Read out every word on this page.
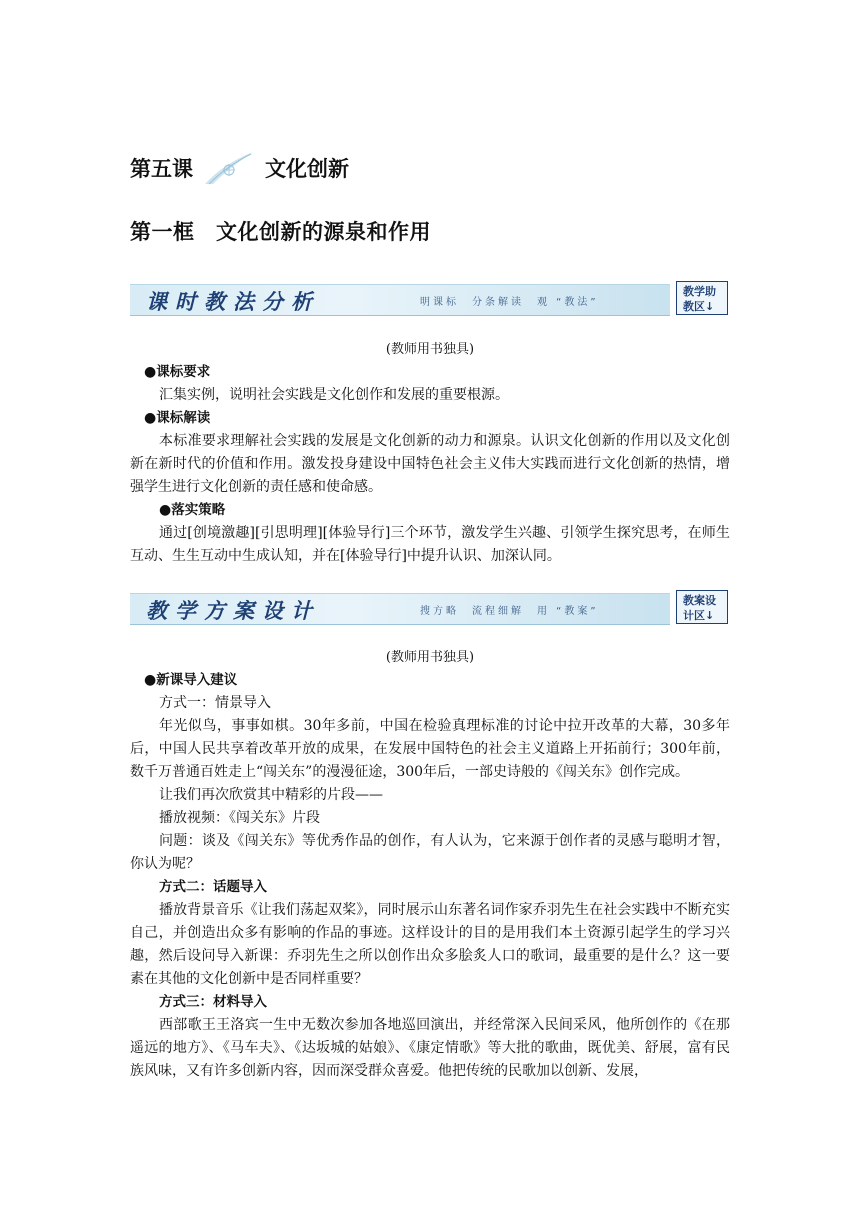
第五课	文化创新
第一框　文化创新的源泉和作用
课时教法分析	明课标　分条解读　观 “教法”
教学助
教区↓
(教师用书独具)

●课标要求

汇集实例，说明社会实践是文化创作和发展的重要根源。

●课标解读

本标准要求理解社会实践的发展是文化创新的动力和源泉。认识文化创新的作用以及文化创新在新时代的价值和作用。激发投身建设中国特色社会主义伟大实践而进行文化创新的热情，增强学生进行文化创新的责任感和使命感。

●落实策略

通过[创境激趣][引思明理][体验导行]三个环节，激发学生兴趣、引领学生探究思考，在师生互动、生生互动中生成认知，并在[体验导行]中提升认识、加深认同。

教学方案设计	搜方略　流程细解　用 “教案”
教案设
计区↓
(教师用书独具)

●新课导入建议

方式一：情景导入

年光似鸟，事事如棋。30年多前，中国在检验真理标准的讨论中拉开改革的大幕，30多年后，中国人民共享着改革开放的成果，在发展中国特色的社会主义道路上开拓前行；300年前，数千万普通百姓走上“闯关东”的漫漫征途，300年后，一部史诗般的《闯关东》创作完成。

让我们再次欣赏其中精彩的片段——

播放视频：《闯关东》片段

问题：谈及《闯关东》等优秀作品的创作，有人认为，它来源于创作者的灵感与聪明才智，你认为呢？

方式二：话题导入

播放背景音乐《让我们荡起双桨》，同时展示山东著名词作家乔羽先生在社会实践中不断充实自己，并创造出众多有影响的作品的事迹。这样设计的目的是用我们本土资源引起学生的学习兴趣，然后设问导入新课：乔羽先生之所以创作出众多脍炙人口的歌词，最重要的是什么？这一要素在其他的文化创新中是否同样重要？

方式三：材料导入

西部歌王王洛宾一生中无数次参加各地巡回演出，并经常深入民间采风，他所创作的《在那遥远的地方》、《马车夫》、《达坂城的姑娘》、《康定情歌》等大批的歌曲，既优美、舒展，富有民族风味，又有许多创新内容，因而深受群众喜爱。他把传统的民歌加以创新、发展，
